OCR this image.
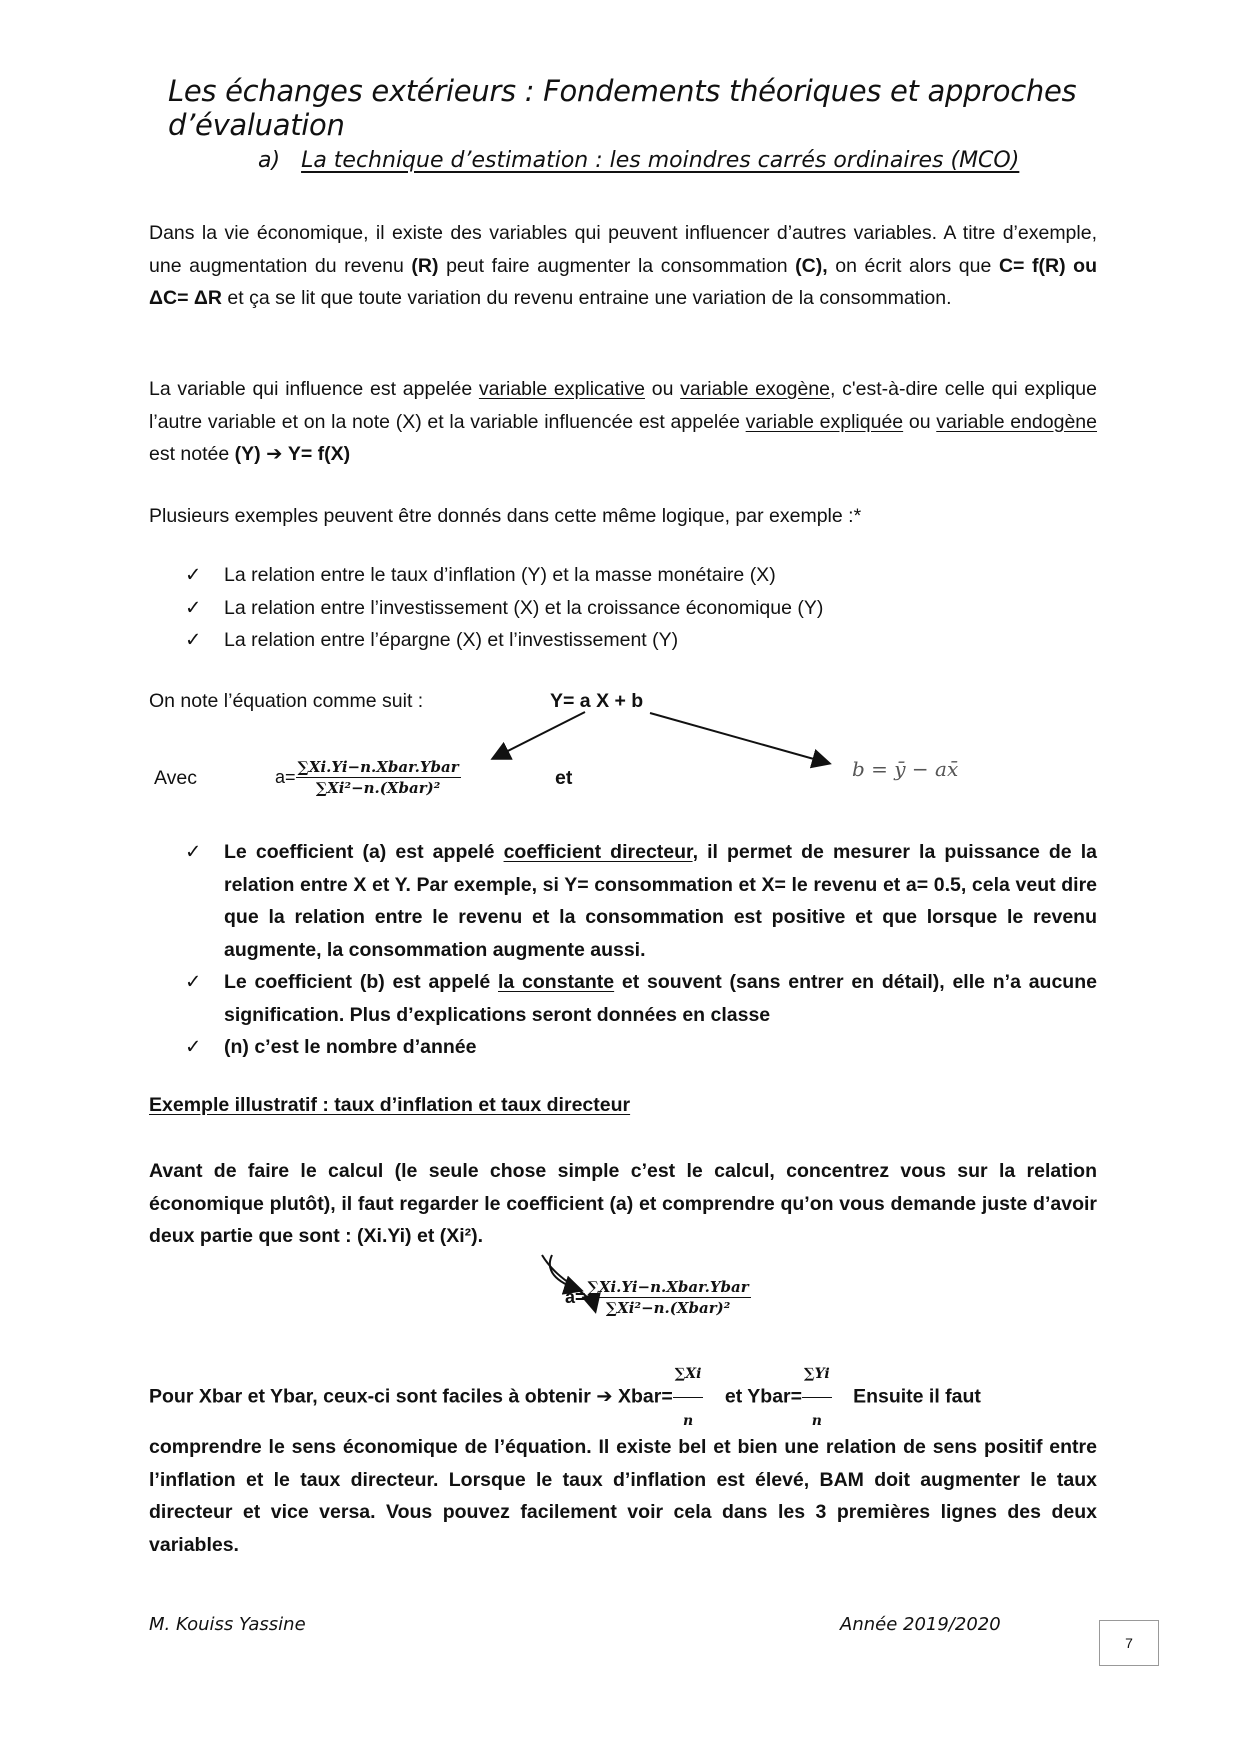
Les échanges extérieurs : Fondements théoriques et approches d’évaluation
a) La technique d’estimation : les moindres carrés ordinaires (MCO)
Dans la vie économique, il existe des variables qui peuvent influencer d’autres variables. A titre d’exemple, une augmentation du revenu (R) peut faire augmenter la consommation (C), on écrit alors que C= f(R) ou ΔC= ΔR et ça se lit que toute variation du revenu entraine une variation de la consommation.
La variable qui influence est appelée variable explicative ou variable exogène, c'est-à-dire celle qui explique l’autre variable et on la note (X) et la variable influencée est appelée variable expliquée ou variable endogène est notée (Y) ➔ Y= f(X)
Plusieurs exemples peuvent être donnés dans cette même logique, par exemple :*
✓ La relation entre le taux d’inflation (Y) et la masse monétaire (X)
✓ La relation entre l’investissement (X) et la croissance économique (Y)
✓ La relation entre l’épargne (X) et l’investissement (Y)
On note l’équation comme suit :	Y= a X + b
Avec	$a= \frac{\text{∑Xi.Yi−n.Xbar.Ybar}}{\text{∑Xi²−n.(Xbar)²}}$	et	b = ȳ − ax̄
✓ Le coefficient (a) est appelé coefficient directeur, il permet de mesurer la puissance de la relation entre X et Y. Par exemple, si Y= consommation et X= le revenu et a= 0.5, cela veut dire que la relation entre le revenu et la consommation est positive et que lorsque le revenu augmente, la consommation augmente aussi.
✓ Le coefficient (b) est appelé la constante et souvent (sans entrer en détail), elle n’a aucune signification. Plus d’explications seront données en classe
✓ (n) c’est le nombre d’année
Exemple illustratif : taux d’inflation et taux directeur
Avant de faire le calcul (le seule chose simple c’est le calcul, concentrez vous sur la relation économique plutôt), il faut regarder le coefficient (a) et comprendre qu’on vous demande juste d’avoir deux partie que sont : (Xi.Yi) et (Xi²).
$a= \frac{\text{∑Xi.Yi−n.Xbar.Ybar}}{\text{∑Xi²−n.(Xbar)²}}$
Pour Xbar et Ybar, ceux-ci sont faciles à obtenir ➔ Xbar= $\frac{\sum Xi}{n}$ et Ybar= $\frac{\sum Yi}{n}$ Ensuite il faut
comprendre le sens économique de l’équation. Il existe bel et bien une relation de sens positif entre l’inflation et le taux directeur. Lorsque le taux d’inflation est élevé, BAM doit augmenter le taux directeur et vice versa. Vous pouvez facilement voir cela dans les 3 premières lignes des deux variables.
M. Kouiss Yassine	Année 2019/2020
7
